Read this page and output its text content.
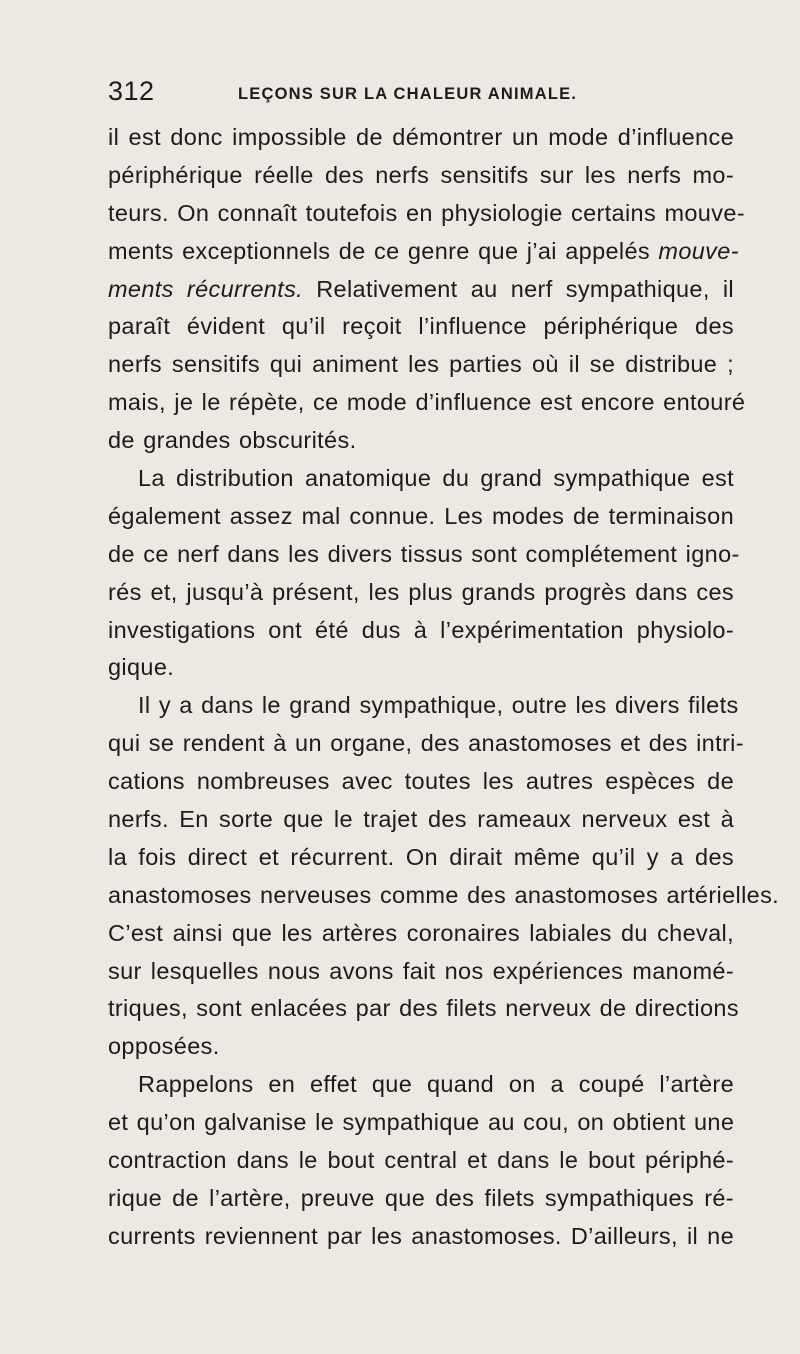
312	LEÇONS SUR LA CHALEUR ANIMALE.
il est donc impossible de démontrer un mode d’influence
périphérique réelle des nerfs sensitifs sur les nerfs mo-
teurs. On connaît toutefois en physiologie certains mouve-
ments exceptionnels de ce genre que j’ai appelés mouve-
ments récurrents. Relativement au nerf sympathique, il
paraît évident qu’il reçoit l’influence périphérique des
nerfs sensitifs qui animent les parties où il se distribue ;
mais, je le répète, ce mode d’influence est encore entouré
de grandes obscurités.
La distribution anatomique du grand sympathique est
également assez mal connue. Les modes de terminaison
de ce nerf dans les divers tissus sont complétement igno-
rés et, jusqu’à présent, les plus grands progrès dans ces
investigations ont été dus à l’expérimentation physiolo-
gique.
Il y a dans le grand sympathique, outre les divers filets
qui se rendent à un organe, des anastomoses et des intri-
cations nombreuses avec toutes les autres espèces de
nerfs. En sorte que le trajet des rameaux nerveux est à
la fois direct et récurrent. On dirait même qu’il y a des
anastomoses nerveuses comme des anastomoses artérielles.
C’est ainsi que les artères coronaires labiales du cheval,
sur lesquelles nous avons fait nos expériences manomé-
triques, sont enlacées par des filets nerveux de directions
opposées.
Rappelons en effet que quand on a coupé l’artère
et qu’on galvanise le sympathique au cou, on obtient une
contraction dans le bout central et dans le bout périphé-
rique de l’artère, preuve que des filets sympathiques ré-
currents reviennent par les anastomoses. D’ailleurs, il ne
